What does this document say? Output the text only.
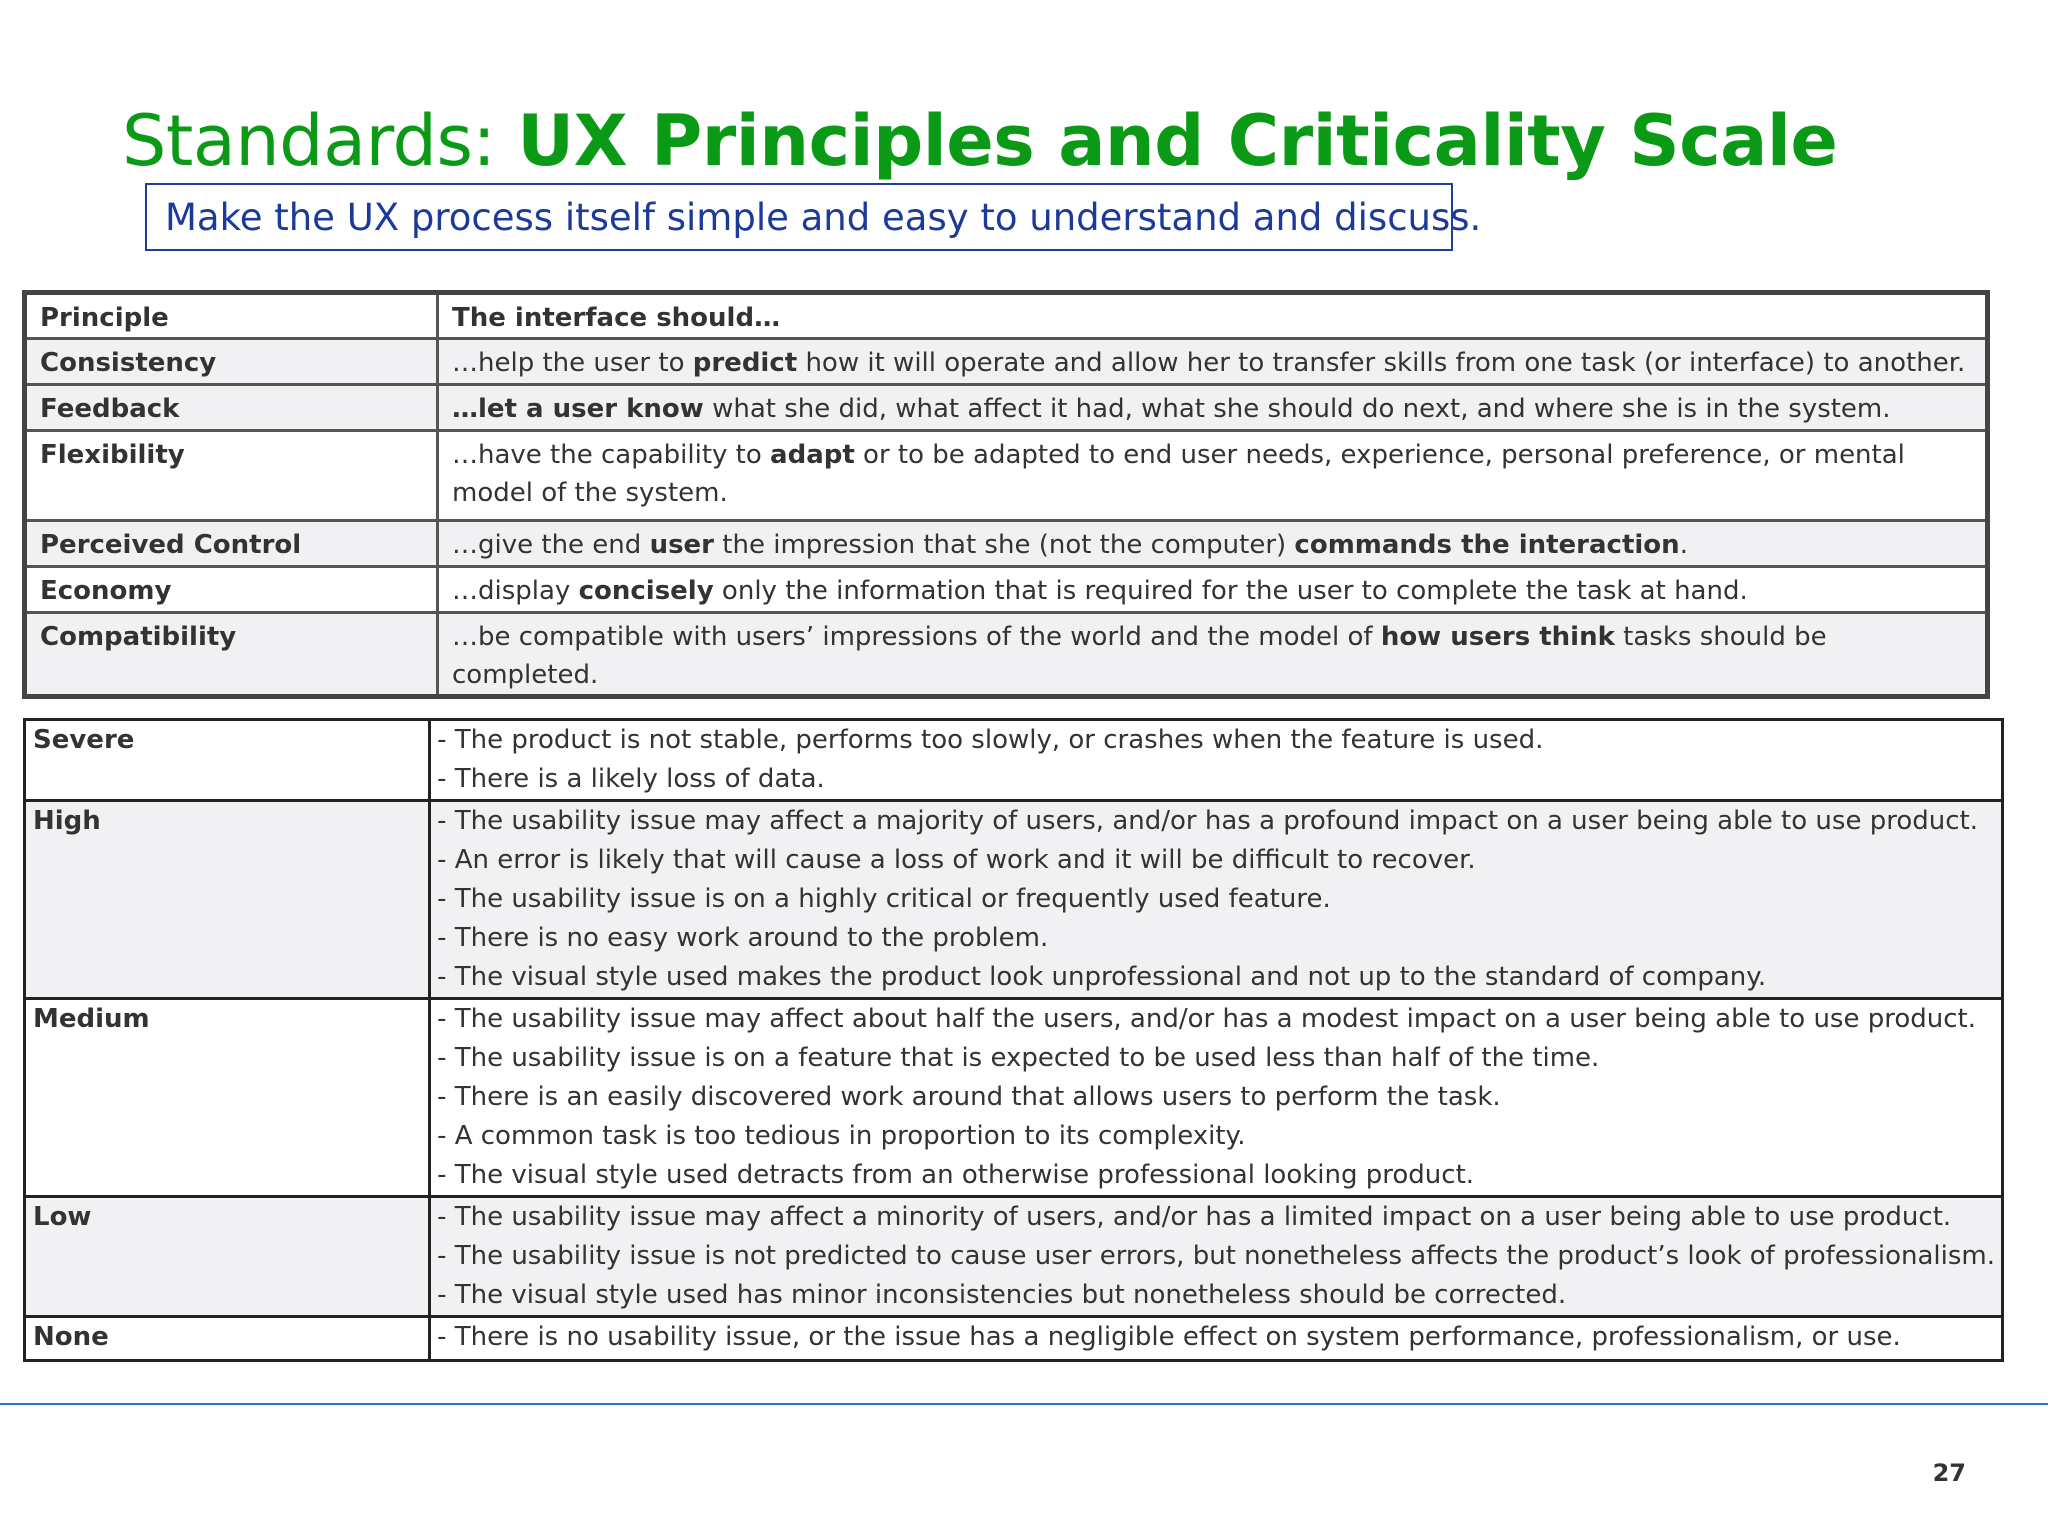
Standards: UX Principles and Criticality Scale
Make the UX process itself simple and easy to understand and discuss.
Principle	The interface should…
Consistency	…help the user to predict how it will operate and allow her to transfer skills from one task (or interface) to another.
Feedback	…let a user know what she did, what affect it had, what she should do next, and where she is in the system.
Flexibility	…have the capability to adapt or to be adapted to end user needs, experience, personal preference, or mental model of the system.
Perceived Control	…give the end user the impression that she (not the computer) commands the interaction.
Economy	…display concisely only the information that is required for the user to complete the task at hand.
Compatibility	…be compatible with users’ impressions of the world and the model of how users think tasks should be completed.
Severe	- The product is not stable, performs too slowly, or crashes when the feature is used.
- There is a likely loss of data.

High	- The usability issue may affect a majority of users, and/or has a profound impact on a user being able to use product.
- An error is likely that will cause a loss of work and it will be difficult to recover.
- The usability issue is on a highly critical or frequently used feature.
- There is no easy work around to the problem.
- The visual style used makes the product look unprofessional and not up to the standard of company.

Medium	- The usability issue may affect about half the users, and/or has a modest impact on a user being able to use product.
- The usability issue is on a feature that is expected to be used less than half of the time.
- There is an easily discovered work around that allows users to perform the task.
- A common task is too tedious in proportion to its complexity.
- The visual style used detracts from an otherwise professional looking product.

Low	- The usability issue may affect a minority of users, and/or has a limited impact on a user being able to use product.
- The usability issue is not predicted to cause user errors, but nonetheless affects the product’s look of professionalism.
- The visual style used has minor inconsistencies but nonetheless should be corrected.

None	- There is no usability issue, or the issue has a negligible effect on system performance, professionalism, or use.
27
